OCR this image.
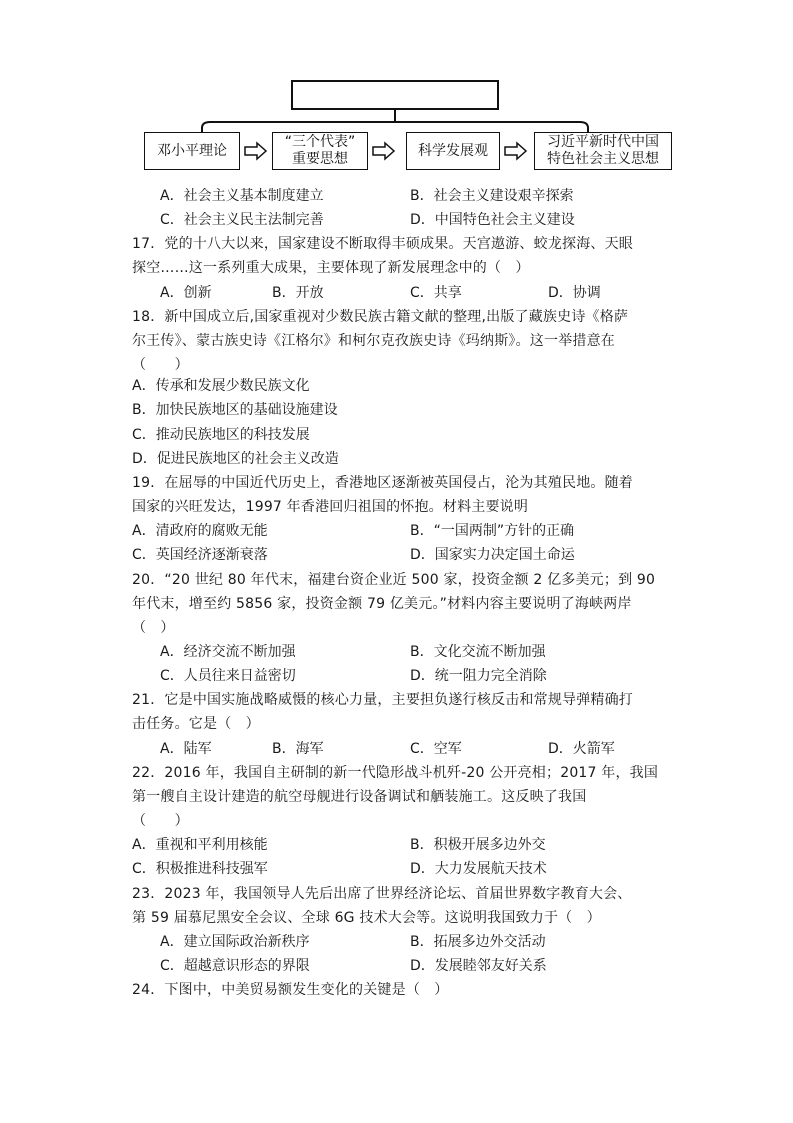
邓小平理论
“三个代表”
重要思想
科学发展观
习近平新时代中国
特色社会主义思想
A．社会主义基本制度建立	B．社会主义建设艰辛探索
C．社会主义民主法制完善	D．中国特色社会主义建设
17．党的十八大以来，国家建设不断取得丰硕成果。天宫遨游、蛟龙探海、天眼
探空……这一系列重大成果，主要体现了新发展理念中的（　）
A．创新	B．开放	C．共享	D．协调
18．新中国成立后,国家重视对少数民族古籍文献的整理,出版了藏族史诗《格萨
尔王传》、蒙古族史诗《江格尔》和柯尔克孜族史诗《玛纳斯》。这一举措意在
（　　）
A．传承和发展少数民族文化
B．加快民族地区的基础设施建设
C．推动民族地区的科技发展
D．促进民族地区的社会主义改造
19．在屈辱的中国近代历史上，香港地区逐渐被英国侵占，沦为其殖民地。随着
国家的兴旺发达，1997 年香港回归祖国的怀抱。材料主要说明
A．清政府的腐败无能	B．“一国两制”方针的正确
C．英国经济逐渐衰落	D．国家实力决定国土命运
20．“20 世纪 80 年代末，福建台资企业近 500 家，投资金额 2 亿多美元；到 90
年代末，增至约 5856 家，投资金额 79 亿美元。”材料内容主要说明了海峡两岸
（　）
A．经济交流不断加强	B．文化交流不断加强
C．人员往来日益密切	D．统一阻力完全消除
21．它是中国实施战略威慑的核心力量，主要担负遂行核反击和常规导弹精确打
击任务。它是（　）
A．陆军	B．海军	C．空军	D．火箭军
22．2016 年，我国自主研制的新一代隐形战斗机歼-20 公开亮相；2017 年，我国
第一艘自主设计建造的航空母舰进行设备调试和舾装施工。这反映了我国
（　　）
A．重视和平利用核能	B．积极开展多边外交
C．积极推进科技强军	D．大力发展航天技术
23．2023 年，我国领导人先后出席了世界经济论坛、首届世界数字教育大会、
第 59 届慕尼黑安全会议、全球 6G 技术大会等。这说明我国致力于（　）
A．建立国际政治新秩序	B．拓展多边外交活动
C．超越意识形态的界限	D．发展睦邻友好关系
24．下图中，中美贸易额发生变化的关键是（　）
